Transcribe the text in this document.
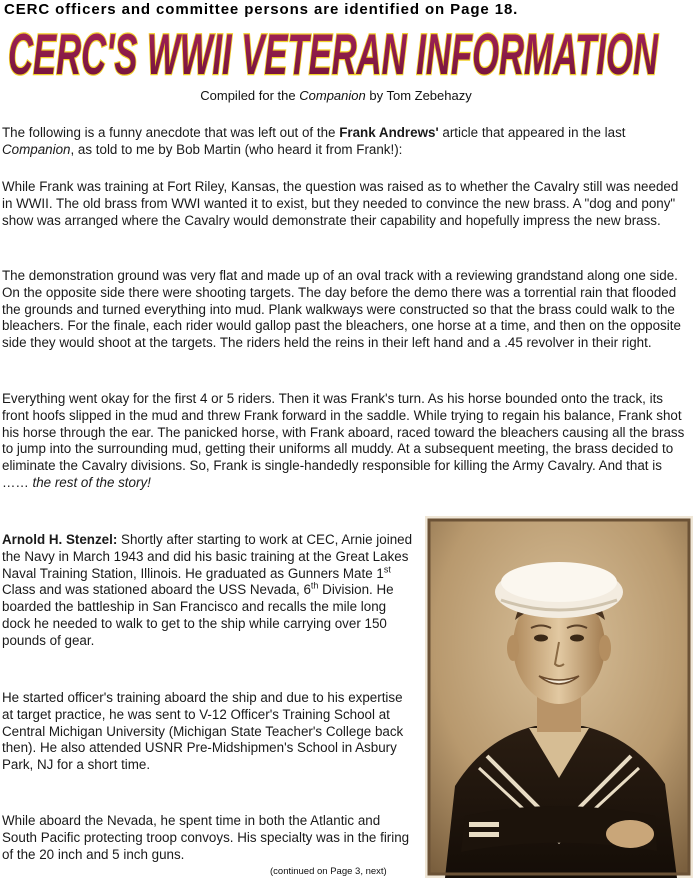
CERC officers and committee persons are identified on Page 18.
CERC'S WWII VETERAN INFORMATION
Compiled for the Companion by Tom Zebehazy

The following is a funny anecdote that was left out of the Frank Andrews' article that appeared in the last Companion, as told to me by Bob Martin (who heard it from Frank!):

While Frank was training at Fort Riley, Kansas, the question was raised as to whether the Cavalry still was needed in WWII. The old brass from WWI wanted it to exist, but they needed to convince the new brass. A "dog and pony" show was arranged where the Cavalry would demonstrate their capability and hopefully impress the new brass.

The demonstration ground was very flat and made up of an oval track with a reviewing grandstand along one side. On the opposite side there were shooting targets. The day before the demo there was a torrential rain that flooded the grounds and turned everything into mud. Plank walkways were constructed so that the brass could walk to the bleachers. For the finale, each rider would gallop past the bleachers, one horse at a time, and then on the opposite side they would shoot at the targets. The riders held the reins in their left hand and a .45 revolver in their right.

Everything went okay for the first 4 or 5 riders. Then it was Frank's turn. As his horse bounded onto the track, its front hoofs slipped in the mud and threw Frank forward in the saddle. While trying to regain his balance, Frank shot his horse through the ear. The panicked horse, with Frank aboard, raced toward the bleachers causing all the brass to jump into the surrounding mud, getting their uniforms all muddy. At a subsequent meeting, the brass decided to eliminate the Cavalry divisions. So, Frank is single-handedly responsible for killing the Army Cavalry. And that is …… the rest of the story!

Arnold H. Stenzel: Shortly after starting to work at CEC, Arnie joined the Navy in March 1943 and did his basic training at the Great Lakes Naval Training Station, Illinois. He graduated as Gunners Mate 1st Class and was stationed aboard the USS Nevada, 6th Division. He boarded the battleship in San Francisco and recalls the mile long dock he needed to walk to get to the ship while carrying over 150 pounds of gear.

He started officer's training aboard the ship and due to his expertise at target practice, he was sent to V-12 Officer's Training School at Central Michigan University (Michigan State Teacher's College back then). He also attended USNR Pre-Midshipmen's School in Asbury Park, NJ for a short time.

While aboard the Nevada, he spent time in both the Atlantic and South Pacific protecting troop convoys. His specialty was in the firing of the 20 inch and 5 inch guns.

(continued on Page 3, next)
